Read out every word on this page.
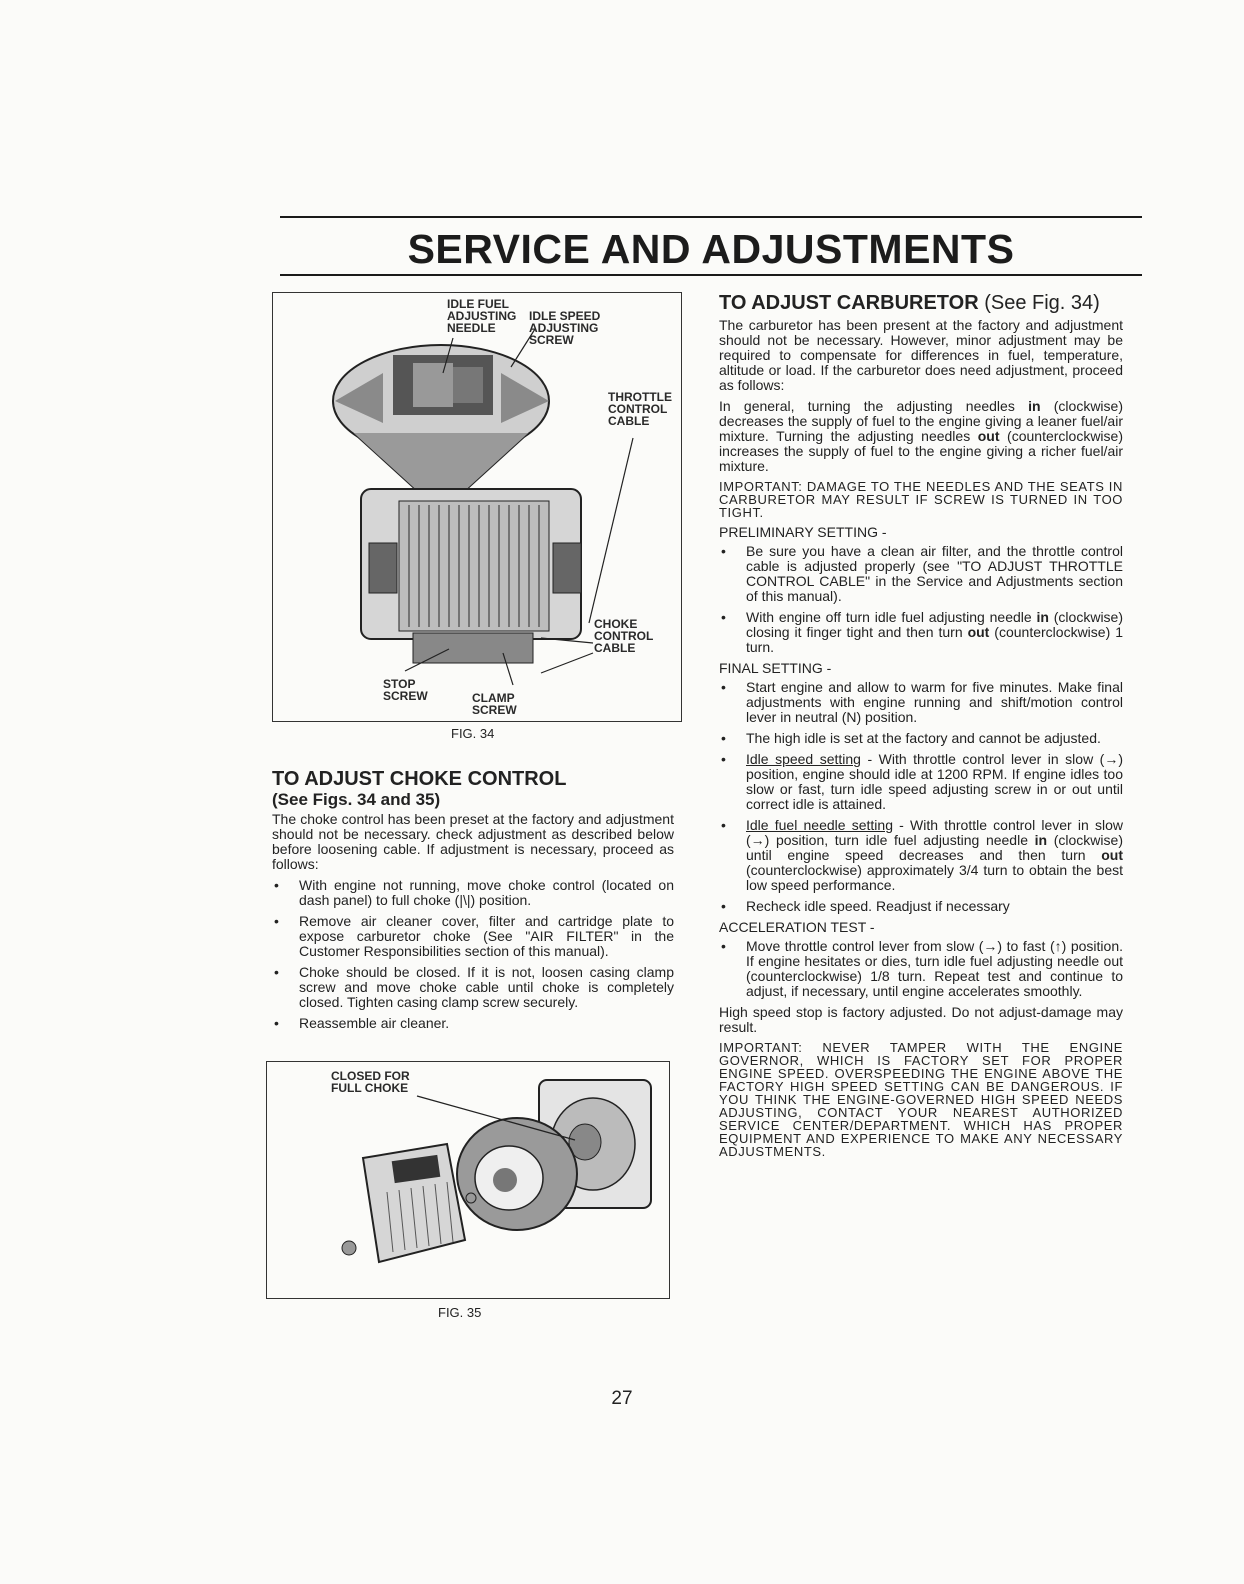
SERVICE AND ADJUSTMENTS
IDLE FUEL
ADJUSTING
NEEDLE
IDLE SPEED
ADJUSTING
SCREW
THROTTLE
CONTROL
CABLE
CHOKE
CONTROL
CABLE
STOP
SCREW	CLAMP
SCREW
FIG. 34
TO ADJUST CHOKE CONTROL
(See Figs. 34 and 35)

The choke control has been preset at the factory and adjustment should not be necessary. check adjustment as described below before loosening cable. If adjustment is necessary, proceed as follows:

• With engine not running, move choke control (located on dash panel) to full choke (|\|) position.
• Remove air cleaner cover, filter and cartridge plate to expose carburetor choke (See "AIR FILTER" in the Customer Responsibilities section of this manual).
• Choke should be closed. If it is not, loosen casing clamp screw and move choke cable until choke is completely closed. Tighten casing clamp screw securely.
• Reassemble air cleaner.
CLOSED FOR
FULL CHOKE
FIG. 35
TO ADJUST CARBURETOR (See Fig. 34)

The carburetor has been present at the factory and adjustment should not be necessary. However, minor adjustment may be required to compensate for differences in fuel, temperature, altitude or load. If the carburetor does need adjustment, proceed as follows:

In general, turning the adjusting needles in (clockwise) decreases the supply of fuel to the engine giving a leaner fuel/air mixture. Turning the adjusting needles out (counterclockwise) increases the supply of fuel to the engine giving a richer fuel/air mixture.

IMPORTANT: DAMAGE TO THE NEEDLES AND THE SEATS IN CARBURETOR MAY RESULT IF SCREW IS TURNED IN TOO TIGHT.

PRELIMINARY SETTING -
• Be sure you have a clean air filter, and the throttle control cable is adjusted properly (see "TO ADJUST THROTTLE CONTROL CABLE" in the Service and Adjustments section of this manual).
• With engine off turn idle fuel adjusting needle in (clockwise) closing it finger tight and then turn out (counterclockwise) 1 turn.
FINAL SETTING -
• Start engine and allow to warm for five minutes. Make final adjustments with engine running and shift/motion control lever in neutral (N) position.
• The high idle is set at the factory and cannot be adjusted.
• Idle speed setting - With throttle control lever in slow (→) position, engine should idle at 1200 RPM. If engine idles too slow or fast, turn idle speed adjusting screw in or out until correct idle is attained.
• Idle fuel needle setting - With throttle control lever in slow (→) position, turn idle fuel adjusting needle in (clockwise) until engine speed decreases and then turn out (counterclockwise) approximately 3/4 turn to obtain the best low speed performance.
• Recheck idle speed. Readjust if necessary
ACCELERATION TEST -
• Move throttle control lever from slow (→) to fast (↑) position. If engine hesitates or dies, turn idle fuel adjusting needle out (counterclockwise) 1/8 turn. Repeat test and continue to adjust, if necessary, until engine accelerates smoothly.

High speed stop is factory adjusted. Do not adjust-damage may result.

IMPORTANT: NEVER TAMPER WITH THE ENGINE GOVERNOR, WHICH IS FACTORY SET FOR PROPER ENGINE SPEED. OVERSPEEDING THE ENGINE ABOVE THE FACTORY HIGH SPEED SETTING CAN BE DANGEROUS. IF YOU THINK THE ENGINE-GOVERNED HIGH SPEED NEEDS ADJUSTING, CONTACT YOUR NEAREST AUTHORIZED SERVICE CENTER/DEPARTMENT. WHICH HAS PROPER EQUIPMENT AND EXPERIENCE TO MAKE ANY NECESSARY ADJUSTMENTS.

27
